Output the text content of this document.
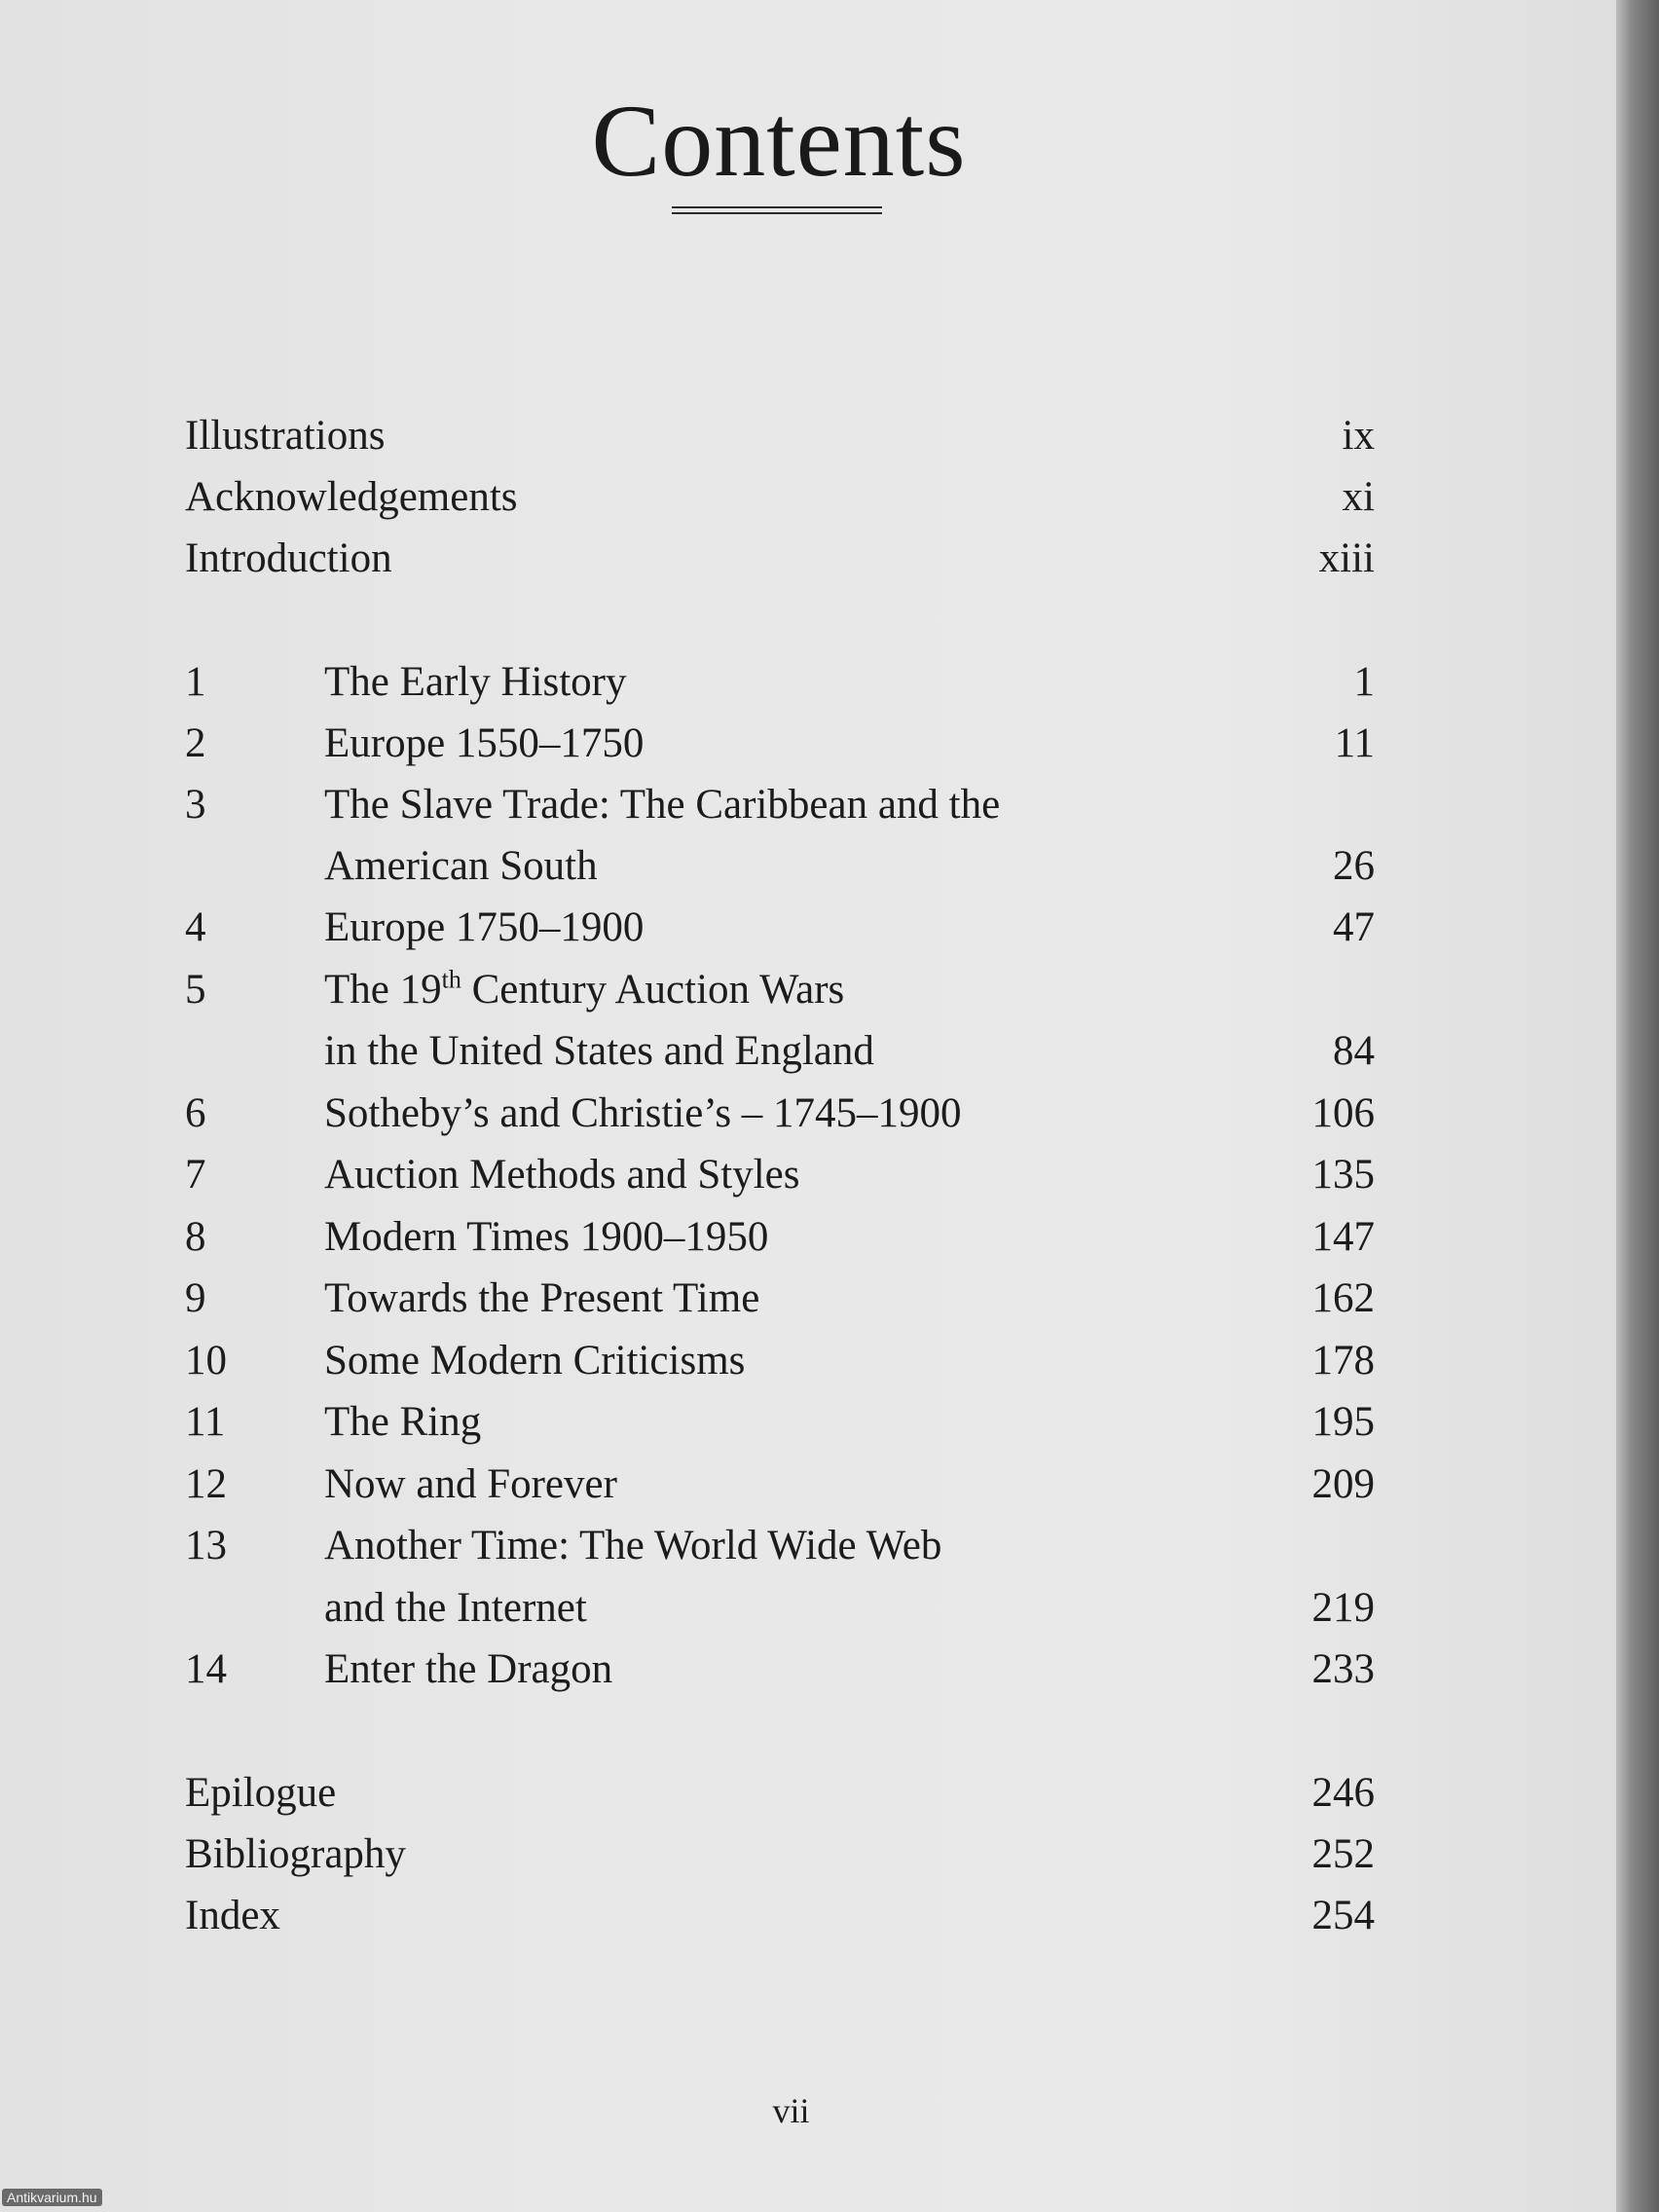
Contents
Illustrations	ix
Acknowledgements	xi
Introduction	xiii
1	The Early History	1
2	Europe 1550–1750	11
3	The Slave Trade: The Caribbean and the
American South	26
4	Europe 1750–1900	47
5	The 19th Century Auction Wars
in the United States and England	84
6	Sotheby’s and Christie’s – 1745–1900	106
7	Auction Methods and Styles	135
8	Modern Times 1900–1950	147
9	Towards the Present Time	162
10 Some Modern Criticisms	178
11 The Ring	195
12 Now and Forever	209
13 Another Time: The World Wide Web
and the Internet	219
14 Enter the Dragon	233
Epilogue	246
Bibliography	252
Index	254
vii
Antikvarium.hu
